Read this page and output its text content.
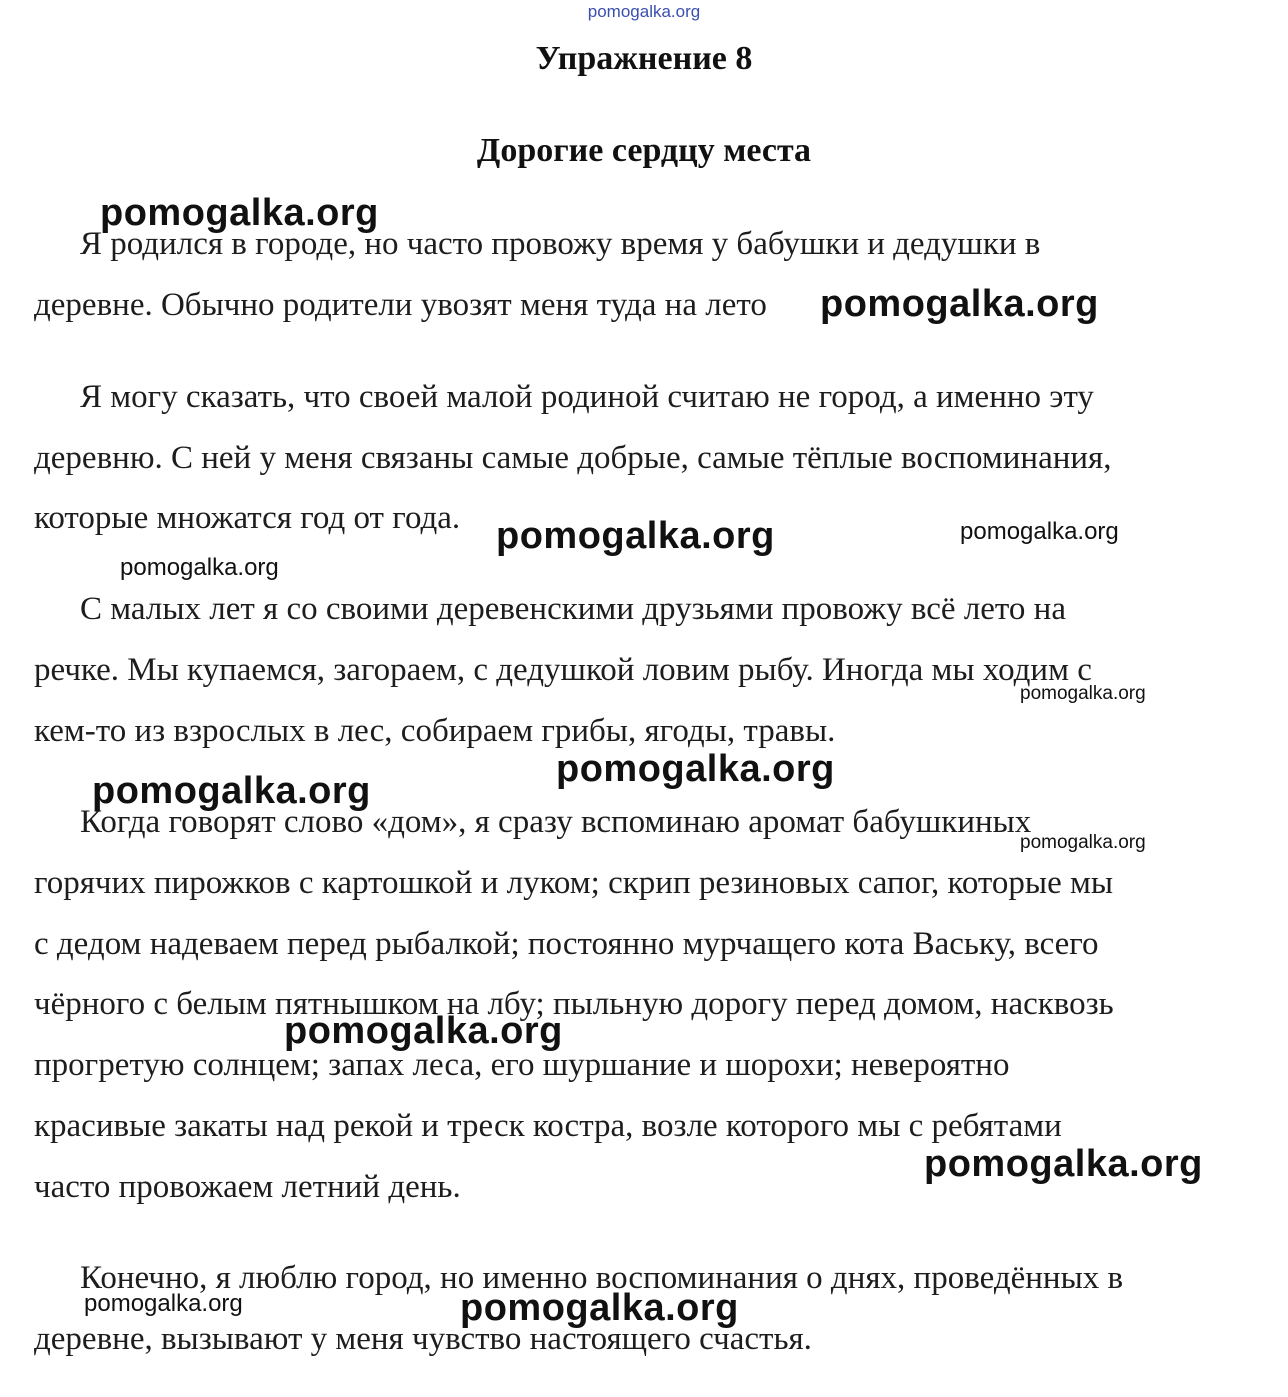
pomogalka.org
Упражнение 8
Дорогие сердцу места
Я родился в городе, но часто провожу время у бабушки и дедушки в
деревне. Обычно родители увозят меня туда на лето
Я могу сказать, что своей малой родиной считаю не город, а именно эту
деревню. С ней у меня связаны самые добрые, самые тёплые воспоминания,
которые множатся год от года.
С малых лет я со своими деревенскими друзьями провожу всё лето на
речке. Мы купаемся, загораем, с дедушкой ловим рыбу. Иногда мы ходим с
кем-то из взрослых в лес, собираем грибы, ягоды, травы.
Когда говорят слово «дом», я сразу вспоминаю аромат бабушкиных
горячих пирожков с картошкой и луком; скрип резиновых сапог, которые мы
с дедом надеваем перед рыбалкой; постоянно мурчащего кота Ваську, всего
чёрного с белым пятнышком на лбу; пыльную дорогу перед домом, насквозь
прогретую солнцем; запах леса, его шуршание и шорохи; невероятно
красивые закаты над рекой и треск костра, возле которого мы с ребятами
часто провожаем летний день.
Конечно, я люблю город, но именно воспоминания о днях, проведённых в
деревне, вызывают у меня чувство настоящего счастья.
pomogalka.org
pomogalka.org
pomogalka.org	pomogalka.org
pomogalka.org
pomogalka.org
pomogalka.org
pomogalka.org
pomogalka.org
pomogalka.org
pomogalka.org
pomogalka.org	pomogalka.org
